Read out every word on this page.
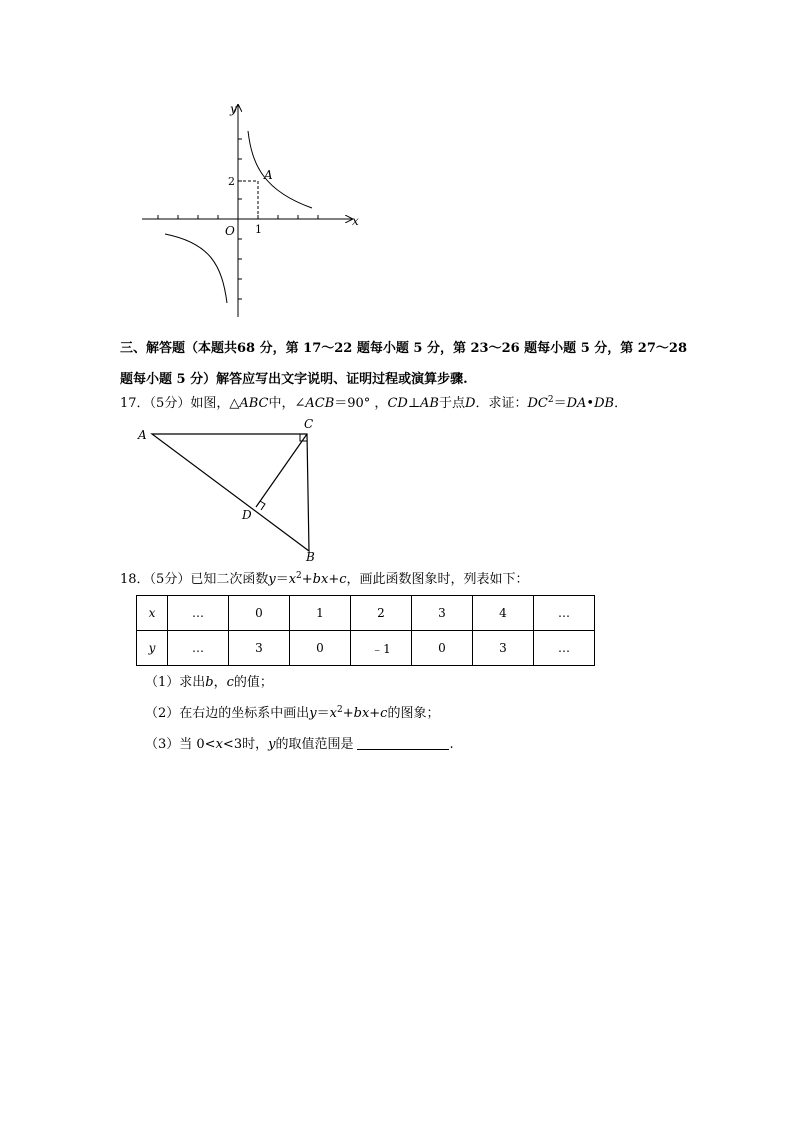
y
x
O
2
1
A
三、解答题（本题共68 分，第 17～22 题每小题 5 分，第 23～26 题每小题 5 分，第 27～28 题每小题 5 分）解答应写出文字说明、证明过程或演算步骤.
17．（5分）如图，△ABC中，∠ACB＝90° ，CD⊥AB于点D．求证：$DC^2=DA•DB$．
A
C
D
B
18．（5分）已知二次函数$y=x^2+bx+c$，画此函数图象时，列表如下：
x	…	0	1	2	3	4	…
y	…	3	0	﹣1	0	3	…
（1）求出b，c的值；
（2）在右边的坐标系中画出$y=x^2+bx+c$的图象；
（3）当 0<x<3时，y的取值范围是	.
